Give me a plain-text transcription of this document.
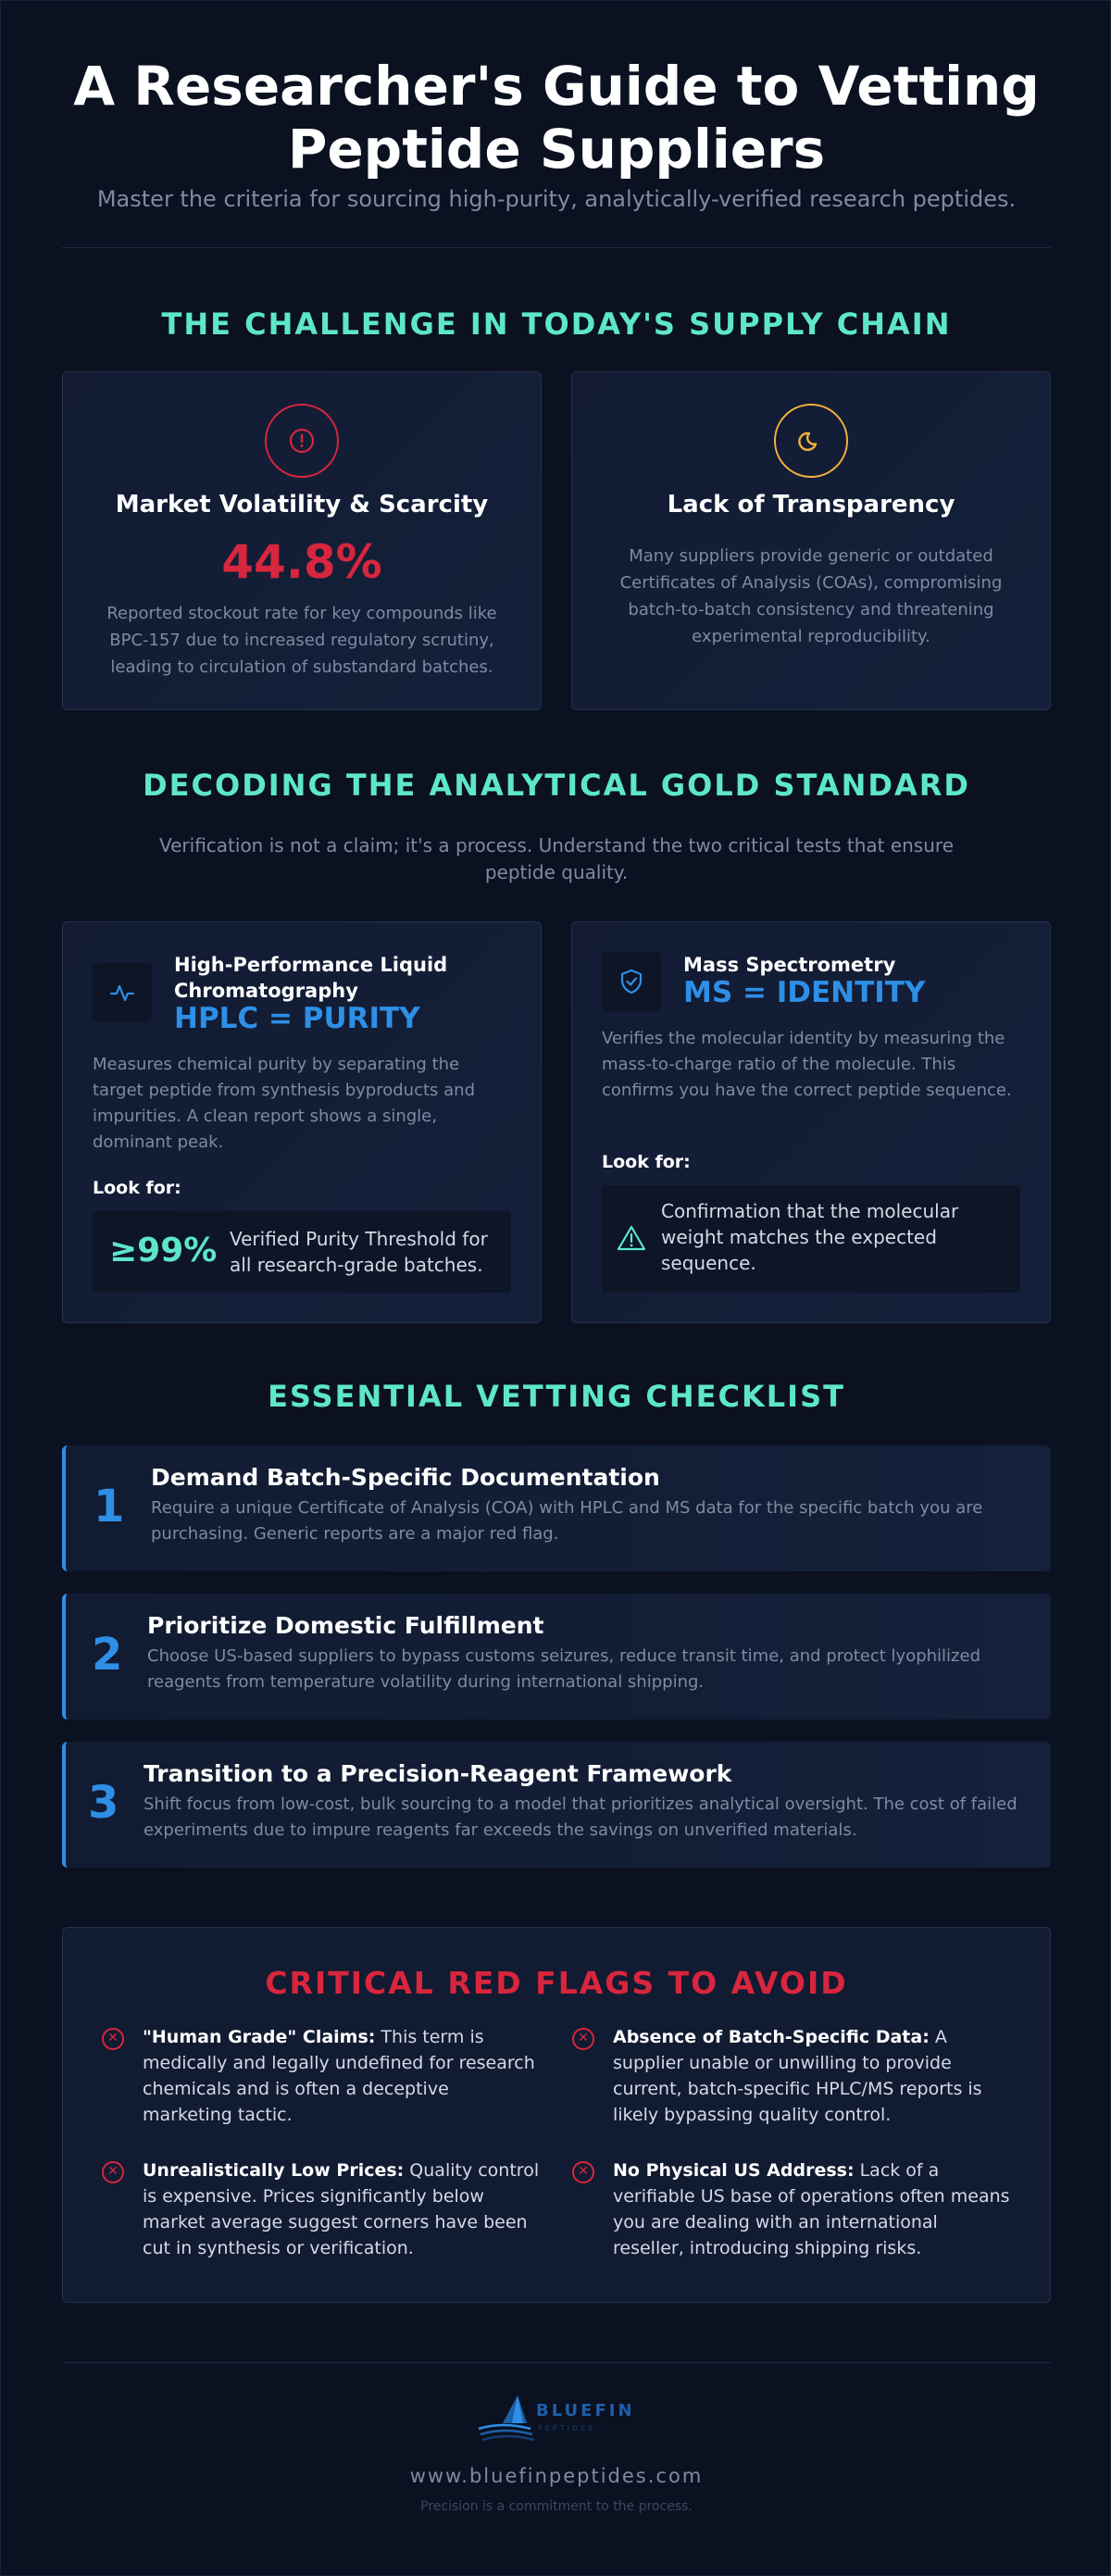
A Researcher's Guide to Vetting Peptide Suppliers
Master the criteria for sourcing high-purity, analytically-verified research peptides.
THE CHALLENGE IN TODAY'S SUPPLY CHAIN
Market Volatility & Scarcity
44.8%
Reported stockout rate for key compounds like BPC-157 due to increased regulatory scrutiny, leading to circulation of substandard batches.
Lack of Transparency
Many suppliers provide generic or outdated Certificates of Analysis (COAs), compromising batch-to-batch consistency and threatening experimental reproducibility.
DECODING THE ANALYTICAL GOLD STANDARD
Verification is not a claim; it's a process. Understand the two critical tests that ensure peptide quality.
High-Performance Liquid Chromatography
HPLC = PURITY
Measures chemical purity by separating the target peptide from synthesis byproducts and impurities. A clean report shows a single, dominant peak.
Look for:
≥99% Verified Purity Threshold for all research-grade batches.
Mass Spectrometry
MS = IDENTITY
Verifies the molecular identity by measuring the mass-to-charge ratio of the molecule. This confirms you have the correct peptide sequence.
Look for:
Confirmation that the molecular weight matches the expected sequence.
ESSENTIAL VETTING CHECKLIST
1
Demand Batch-Specific Documentation
Require a unique Certificate of Analysis (COA) with HPLC and MS data for the specific batch you are purchasing. Generic reports are a major red flag.
2
Prioritize Domestic Fulfillment
Choose US-based suppliers to bypass customs seizures, reduce transit time, and protect lyophilized reagents from temperature volatility during international shipping.
3
Transition to a Precision-Reagent Framework
Shift focus from low-cost, bulk sourcing to a model that prioritizes analytical oversight. The cost of failed experiments due to impure reagents far exceeds the savings on unverified materials.
CRITICAL RED FLAGS TO AVOID
✕ "Human Grade" Claims: This term is medically and legally undefined for research chemicals and is often a deceptive marketing tactic.
✕ Absence of Batch-Specific Data: A supplier unable or unwilling to provide current, batch-specific HPLC/MS reports is likely bypassing quality control.
✕ Unrealistically Low Prices: Quality control is expensive. Prices significantly below market average suggest corners have been cut in synthesis or verification.
✕ No Physical US Address: Lack of a verifiable US base of operations often means you are dealing with an international reseller, introducing shipping risks.
BLUEFIN
PEPTIDES
www.bluefinpeptides.com
Precision is a commitment to the process.
